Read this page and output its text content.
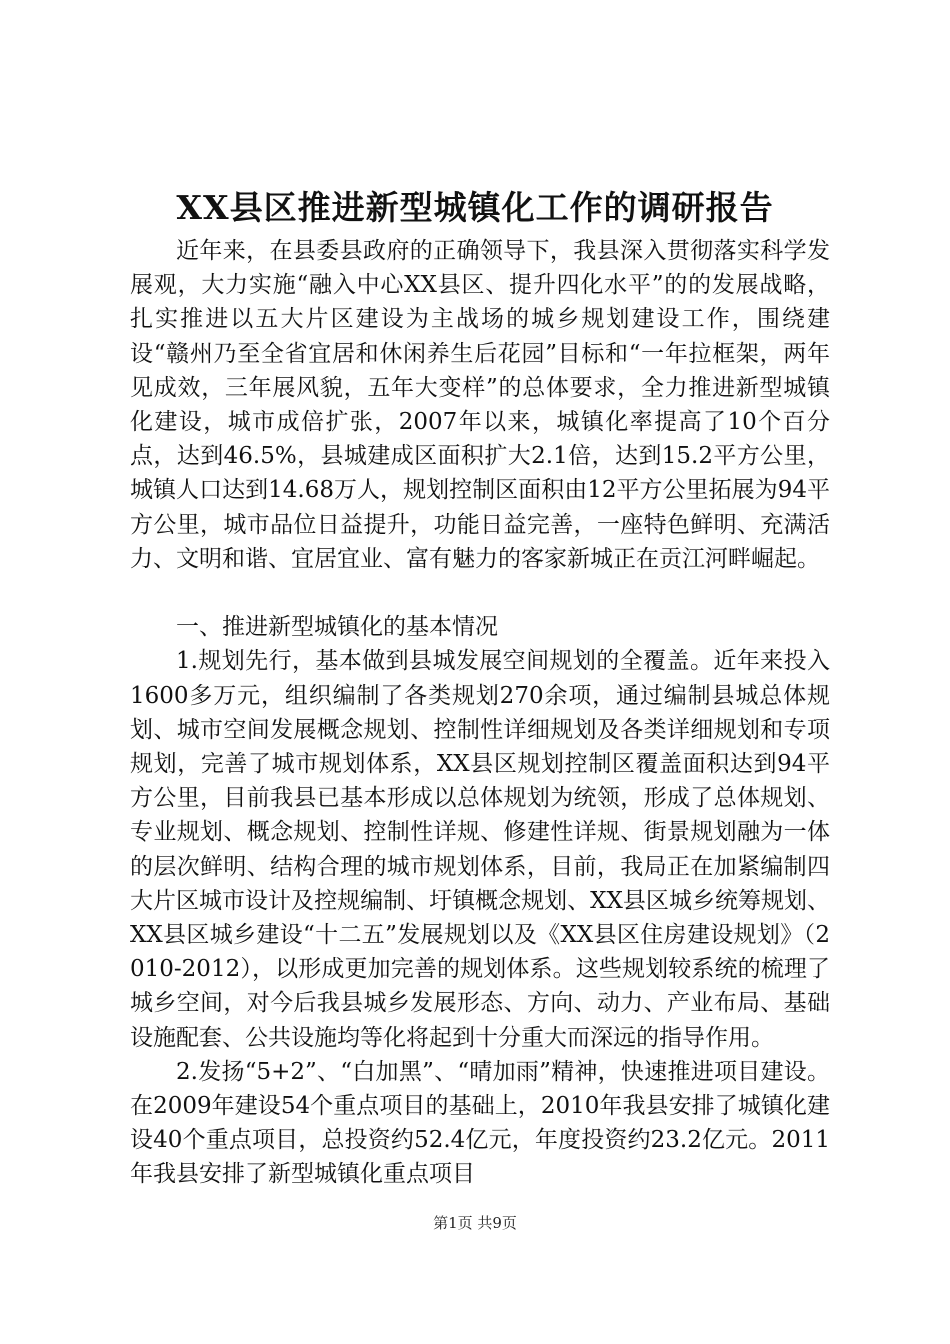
XX县区推进新型城镇化工作的调研报告

近年来，在县委县政府的正确领导下，我县深入贯彻落实科学发展观，大力实施“融入中心XX县区、提升四化水平”的的发展战略，扎实推进以五大片区建设为主战场的城乡规划建设工作，围绕建设“赣州乃至全省宜居和休闲养生后花园”目标和“一年拉框架，两年见成效，三年展风貌，五年大变样”的总体要求，全力推进新型城镇化建设，城市成倍扩张，2007年以来，城镇化率提高了10个百分点，达到46.5%，县城建成区面积扩大2.1倍，达到15.2平方公里，城镇人口达到14.68万人，规划控制区面积由12平方公里拓展为94平方公里，城市品位日益提升，功能日益完善，一座特色鲜明、充满活力、文明和谐、宜居宜业、富有魅力的客家新城正在贡江河畔崛起。

一、推进新型城镇化的基本情况

1.规划先行，基本做到县城发展空间规划的全覆盖。近年来投入1600多万元，组织编制了各类规划270余项，通过编制县城总体规划、城市空间发展概念规划、控制性详细规划及各类详细规划和专项规划，完善了城市规划体系，XX县区规划控制区覆盖面积达到94平方公里，目前我县已基本形成以总体规划为统领，形成了总体规划、专业规划、概念规划、控制性详规、修建性详规、街景规划融为一体的层次鲜明、结构合理的城市规划体系，目前，我局正在加紧编制四大片区城市设计及控规编制、圩镇概念规划、XX县区城乡统筹规划、XX县区城乡建设“十二五”发展规划以及《XX县区住房建设规划》（2010-2012），以形成更加完善的规划体系。这些规划较系统的梳理了城乡空间，对今后我县城乡发展形态、方向、动力、产业布局、基础设施配套、公共设施均等化将起到十分重大而深远的指导作用。

2.发扬“5+2”、“白加黑”、“晴加雨”精神，快速推进项目建设。在2009年建设54个重点项目的基础上，2010年我县安排了城镇化建设40个重点项目，总投资约52.4亿元，年度投资约23.2亿元。2011年我县安排了新型城镇化重点项目

第1页 共9页
